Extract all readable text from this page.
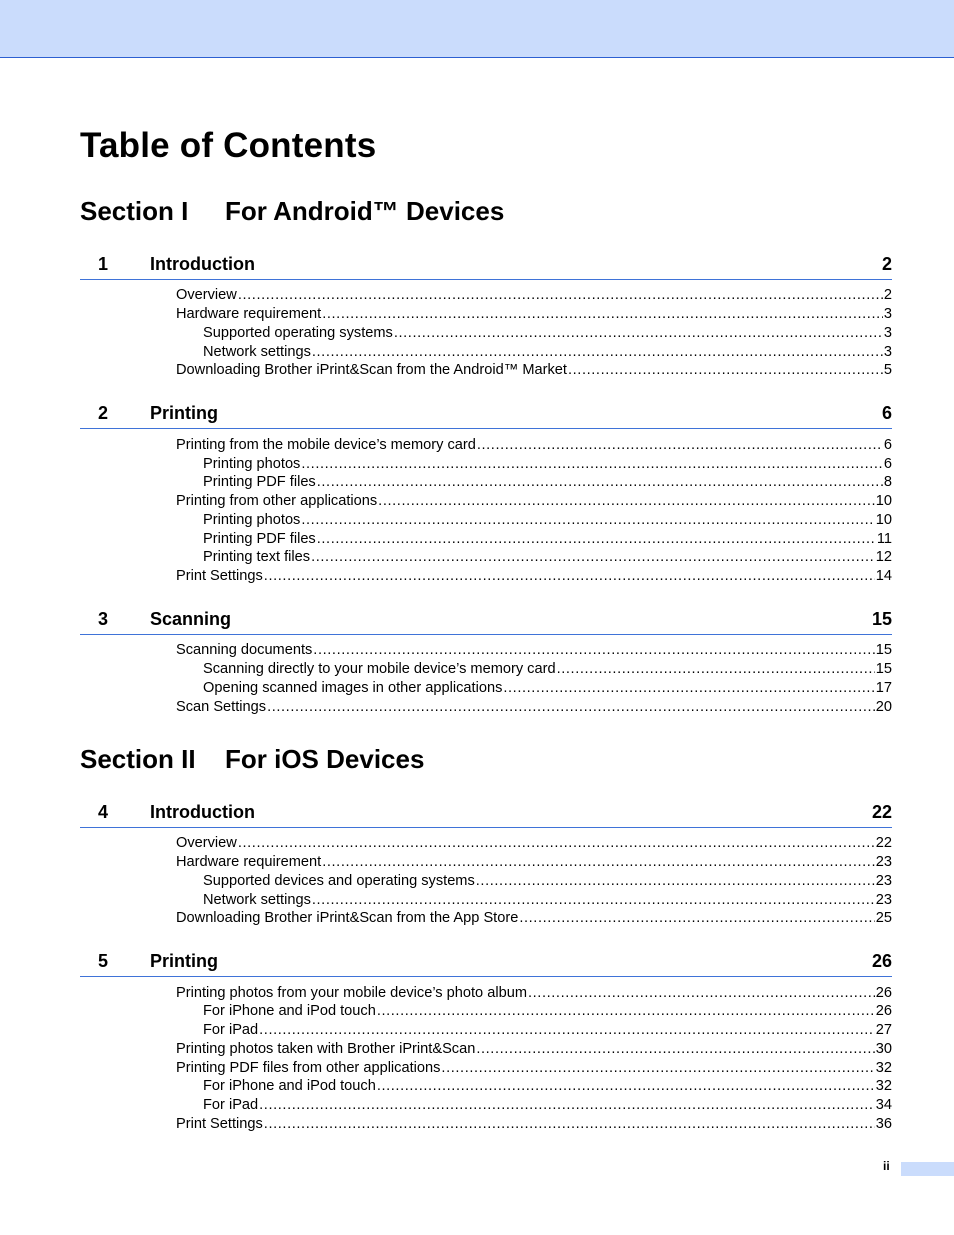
Table of Contents
Section I For Android™ Devices
1 Introduction	2
Overview .....	2
Hardware requirement .....	3
Supported operating systems .....	3
Network settings .....	3
Downloading Brother iPrint&Scan from the Android™ Market .....	5
2 Printing	6
Printing from the mobile device’s memory card .....	6
Printing photos .....	6
Printing PDF files .....	8
Printing from other applications .....	10
Printing photos .....	10
Printing PDF files .....	11
Printing text files .....	12
Print Settings .....	14
3 Scanning	15
Scanning documents .....	15
Scanning directly to your mobile device’s memory card .....	15
Opening scanned images in other applications .....	17
Scan Settings .....	20
Section II For iOS Devices
4 Introduction	22
Overview .....	22
Hardware requirement .....	23
Supported devices and operating systems .....	23
Network settings .....	23
Downloading Brother iPrint&Scan from the App Store .....	25
5 Printing	26
Printing photos from your mobile device’s photo album .....	26
For iPhone and iPod touch .....	26
For iPad .....	27
Printing photos taken with Brother iPrint&Scan .....	30
Printing PDF files from other applications .....	32
For iPhone and iPod touch .....	32
For iPad .....	34
Print Settings .....	36
ii
